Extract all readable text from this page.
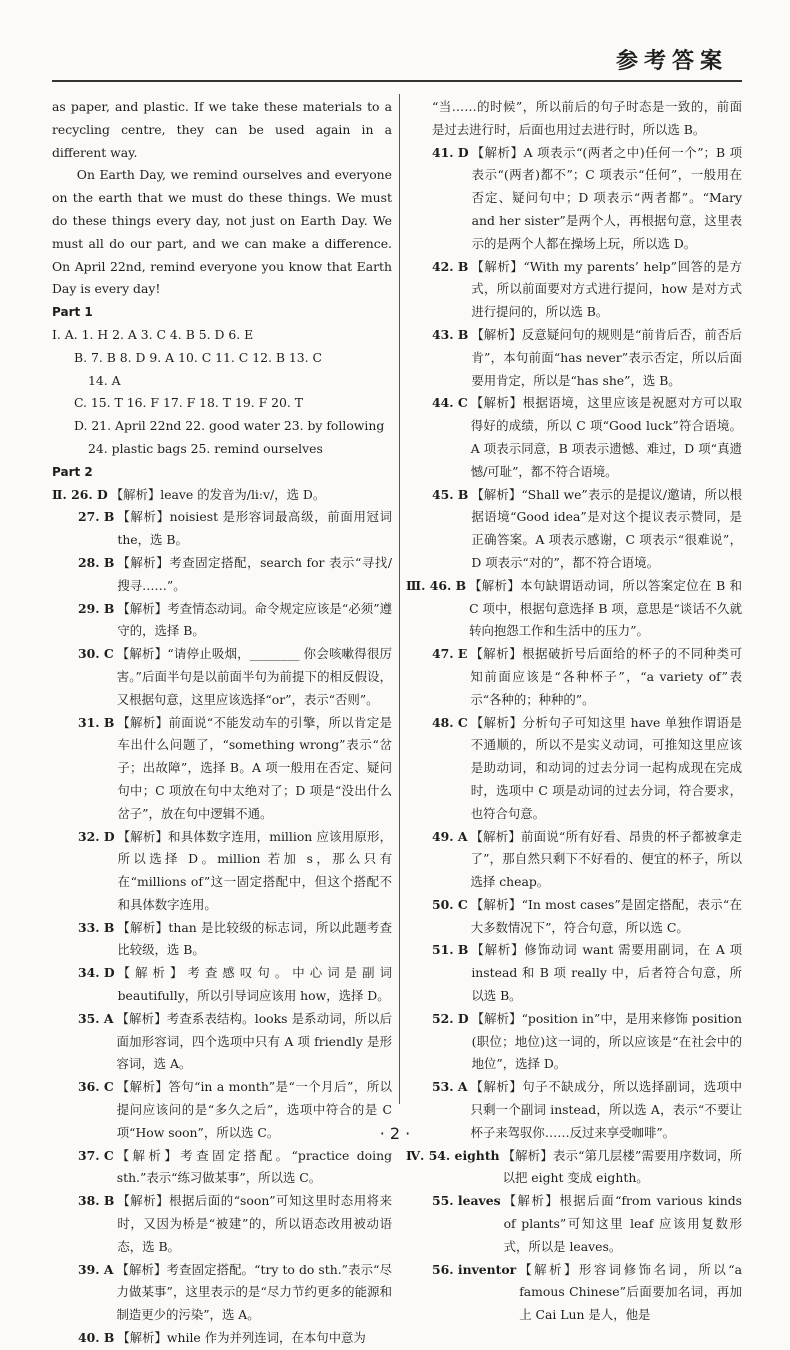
参考答案

as paper, and plastic. If we take these materials to a recycling centre, they can be used again in a different way.

On Earth Day, we remind ourselves and everyone on the earth that we must do these things. We must do these things every day, not just on Earth Day. We must all do our part, and we can make a difference. On April 22nd, remind everyone you know that Earth Day is every day!

Part 1
Ⅰ. A. 1. H 2. A 3. C 4. B 5. D 6. E
B. 7. B 8. D 9. A 10. C 11. C 12. B 13. C
14. A
C. 15. T 16. F 17. F 18. T 19. F 20. T
D. 21. April 22nd 22. good water 23. by following
24. plastic bags 25. remind ourselves
Part 2
Ⅱ. 26. D 【解析】leave 的发音为/liːv/，选 D。
27. B 【解析】noisiest 是形容词最高级，前面用冠词 the，选 B。
28. B 【解析】考查固定搭配，search for 表示“寻找/搜寻……”。
29. B 【解析】考查情态动词。命令规定应该是“必须”遵守的，选择 B。
30. C 【解析】“请停止吸烟，________ 你会咳嗽得很厉害。”后面半句是以前面半句为前提下的相反假设，又根据句意，这里应该选择“or”，表示“否则”。
31. B 【解析】前面说“不能发动车的引擎，所以肯定是车出什么问题了，“something wrong”表示“岔子；出故障”，选择 B。A 项一般用在否定、疑问句中；C 项放在句中太绝对了；D 项是“没出什么岔子”，放在句中逻辑不通。
32. D 【解析】和具体数字连用，million 应该用原形，所以选择 D。million 若加 s，那么只有在“millions of”这一固定搭配中，但这个搭配不和具体数字连用。
33. B 【解析】than 是比较级的标志词，所以此题考查比较级，选 B。
34. D 【解析】考查感叹句。中心词是副词 beautifully，所以引导词应该用 how，选择 D。
35. A 【解析】考查系表结构。looks 是系动词，所以后面加形容词，四个选项中只有 A 项 friendly 是形容词，选 A。
36. C 【解析】答句“in a month”是“一个月后”，所以提问应该问的是“多久之后”，选项中符合的是 C 项“How soon”，所以选 C。
37. C 【解析】考查固定搭配。“practice doing sth.”表示“练习做某事”，所以选 C。
38. B 【解析】根据后面的“soon”可知这里时态用将来时，又因为桥是“被建”的，所以语态改用被动语态，选 B。
39. A 【解析】考查固定搭配。“try to do sth.”表示“尽力做某事”，这里表示的是“尽力节约更多的能源和制造更少的污染”，选 A。
40. B 【解析】while 作为并列连词，在本句中意为

“当……的时候”，所以前后的句子时态是一致的，前面是过去进行时，后面也用过去进行时，所以选 B。

41. D 【解析】A 项表示“(两者之中)任何一个”；B 项表示“(两者)都不”；C 项表示“任何”，一般用在否定、疑问句中；D 项表示“两者都”。“Mary and her sister”是两个人，再根据句意，这里表示的是两个人都在操场上玩，所以选 D。
42. B 【解析】“With my parents’ help”回答的是方式，所以前面要对方式进行提问，how 是对方式进行提问的，所以选 B。
43. B 【解析】反意疑问句的规则是“前肯后否，前否后肯”，本句前面“has never”表示否定，所以后面要用肯定，所以是“has she”，选 B。
44. C 【解析】根据语境，这里应该是祝愿对方可以取得好的成绩，所以 C 项“Good luck”符合语境。A 项表示同意，B 项表示遗憾、难过，D 项“真遗憾/可耻”，都不符合语境。
45. B 【解析】“Shall we”表示的是提议/邀请，所以根据语境“Good idea”是对这个提议表示赞同，是正确答案。A 项表示感谢，C 项表示“很难说”，D 项表示“对的”，都不符合语境。
Ⅲ. 46. B 【解析】本句缺谓语动词，所以答案定位在 B 和 C 项中，根据句意选择 B 项，意思是“谈话不久就转向抱怨工作和生活中的压力”。
47. E 【解析】根据破折号后面给的杯子的不同种类可知前面应该是“各种杯子”，“a variety of”表示“各种的；种种的”。
48. C 【解析】分析句子可知这里 have 单独作谓语是不通顺的，所以不是实义动词，可推知这里应该是助动词，和动词的过去分词一起构成现在完成时，选项中 C 项是动词的过去分词，符合要求，也符合句意。
49. A 【解析】前面说“所有好看、昂贵的杯子都被拿走了”，那自然只剩下不好看的、便宜的杯子，所以选择 cheap。
50. C 【解析】“In most cases”是固定搭配，表示“在大多数情况下”，符合句意，所以选 C。
51. B 【解析】修饰动词 want 需要用副词，在 A 项 instead 和 B 项 really 中，后者符合句意，所以选 B。
52. D 【解析】“position in”中，是用来修饰 position (职位；地位)这一词的，所以应该是“在社会中的地位”，选择 D。
53. A 【解析】句子不缺成分，所以选择副词，选项中只剩一个副词 instead，所以选 A，表示“不要让杯子来驾驭你……反过来享受咖啡”。
Ⅳ. 54. eighth 【解析】表示“第几层楼”需要用序数词，所以把 eight 变成 eighth。
55. leaves 【解析】根据后面“from various kinds of plants”可知这里 leaf 应该用复数形式，所以是 leaves。
56. inventor 【解析】形容词修饰名词，所以“a famous Chinese”后面要加名词，再加上 Cai Lun 是人，他是
· 2 ·
